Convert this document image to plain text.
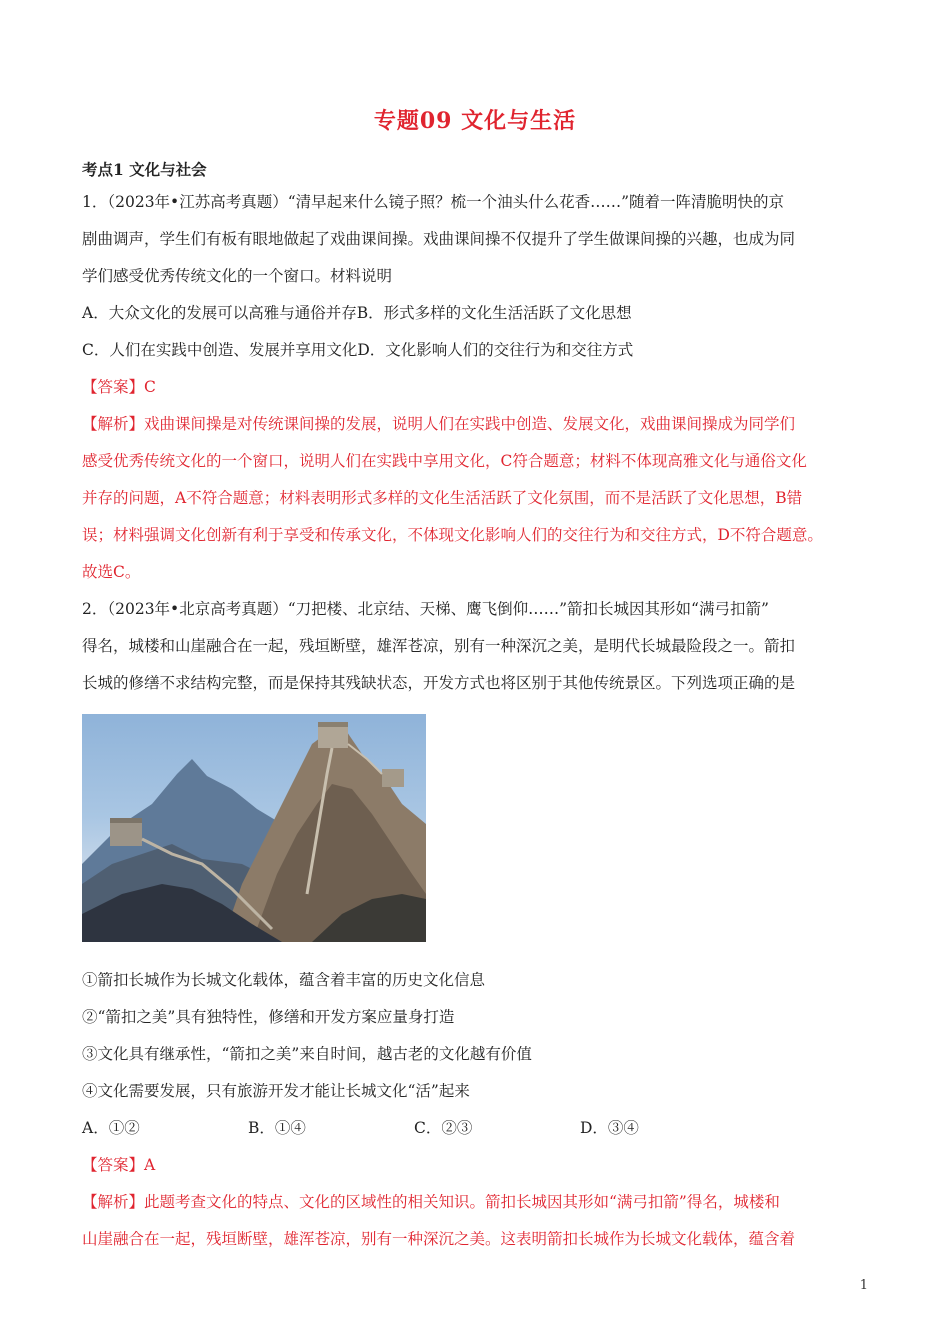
专题09 文化与生活
考点1 文化与社会

1．（2023年•江苏高考真题）“清早起来什么镜子照？梳一个油头什么花香……”随着一阵清脆明快的京

剧曲调声，学生们有板有眼地做起了戏曲课间操。戏曲课间操不仅提升了学生做课间操的兴趣，也成为同

学们感受优秀传统文化的一个窗口。材料说明

A．大众文化的发展可以高雅与通俗并存B．形式多样的文化生活活跃了文化思想

C．人们在实践中创造、发展并享用文化D．文化影响人们的交往行为和交往方式

【答案】C

【解析】戏曲课间操是对传统课间操的发展，说明人们在实践中创造、发展文化，戏曲课间操成为同学们

感受优秀传统文化的一个窗口，说明人们在实践中享用文化，C符合题意；材料不体现高雅文化与通俗文化

并存的问题，A不符合题意；材料表明形式多样的文化生活活跃了文化氛围，而不是活跃了文化思想，B错

误；材料强调文化创新有利于享受和传承文化，不体现文化影响人们的交往行为和交往方式，D不符合题意。

故选C。

2．（2023年•北京高考真题）“刀把楼、北京结、天梯、鹰飞倒仰……”箭扣长城因其形如“满弓扣箭”

得名，城楼和山崖融合在一起，残垣断壁，雄浑苍凉，别有一种深沉之美，是明代长城最险段之一。箭扣

长城的修缮不求结构完整，而是保持其残缺状态，开发方式也将区别于其他传统景区。下列选项正确的是

①箭扣长城作为长城文化载体，蕴含着丰富的历史文化信息

②“箭扣之美”具有独特性，修缮和开发方案应量身打造

③文化具有继承性，“箭扣之美”来自时间，越古老的文化越有价值

④文化需要发展，只有旅游开发才能让长城文化“活”起来

A．①②	B．①④	C．②③	D．③④

【答案】A

【解析】此题考查文化的特点、文化的区域性的相关知识。箭扣长城因其形如“满弓扣箭”得名，城楼和

山崖融合在一起，残垣断壁，雄浑苍凉，别有一种深沉之美。这表明箭扣长城作为长城文化载体，蕴含着

1
